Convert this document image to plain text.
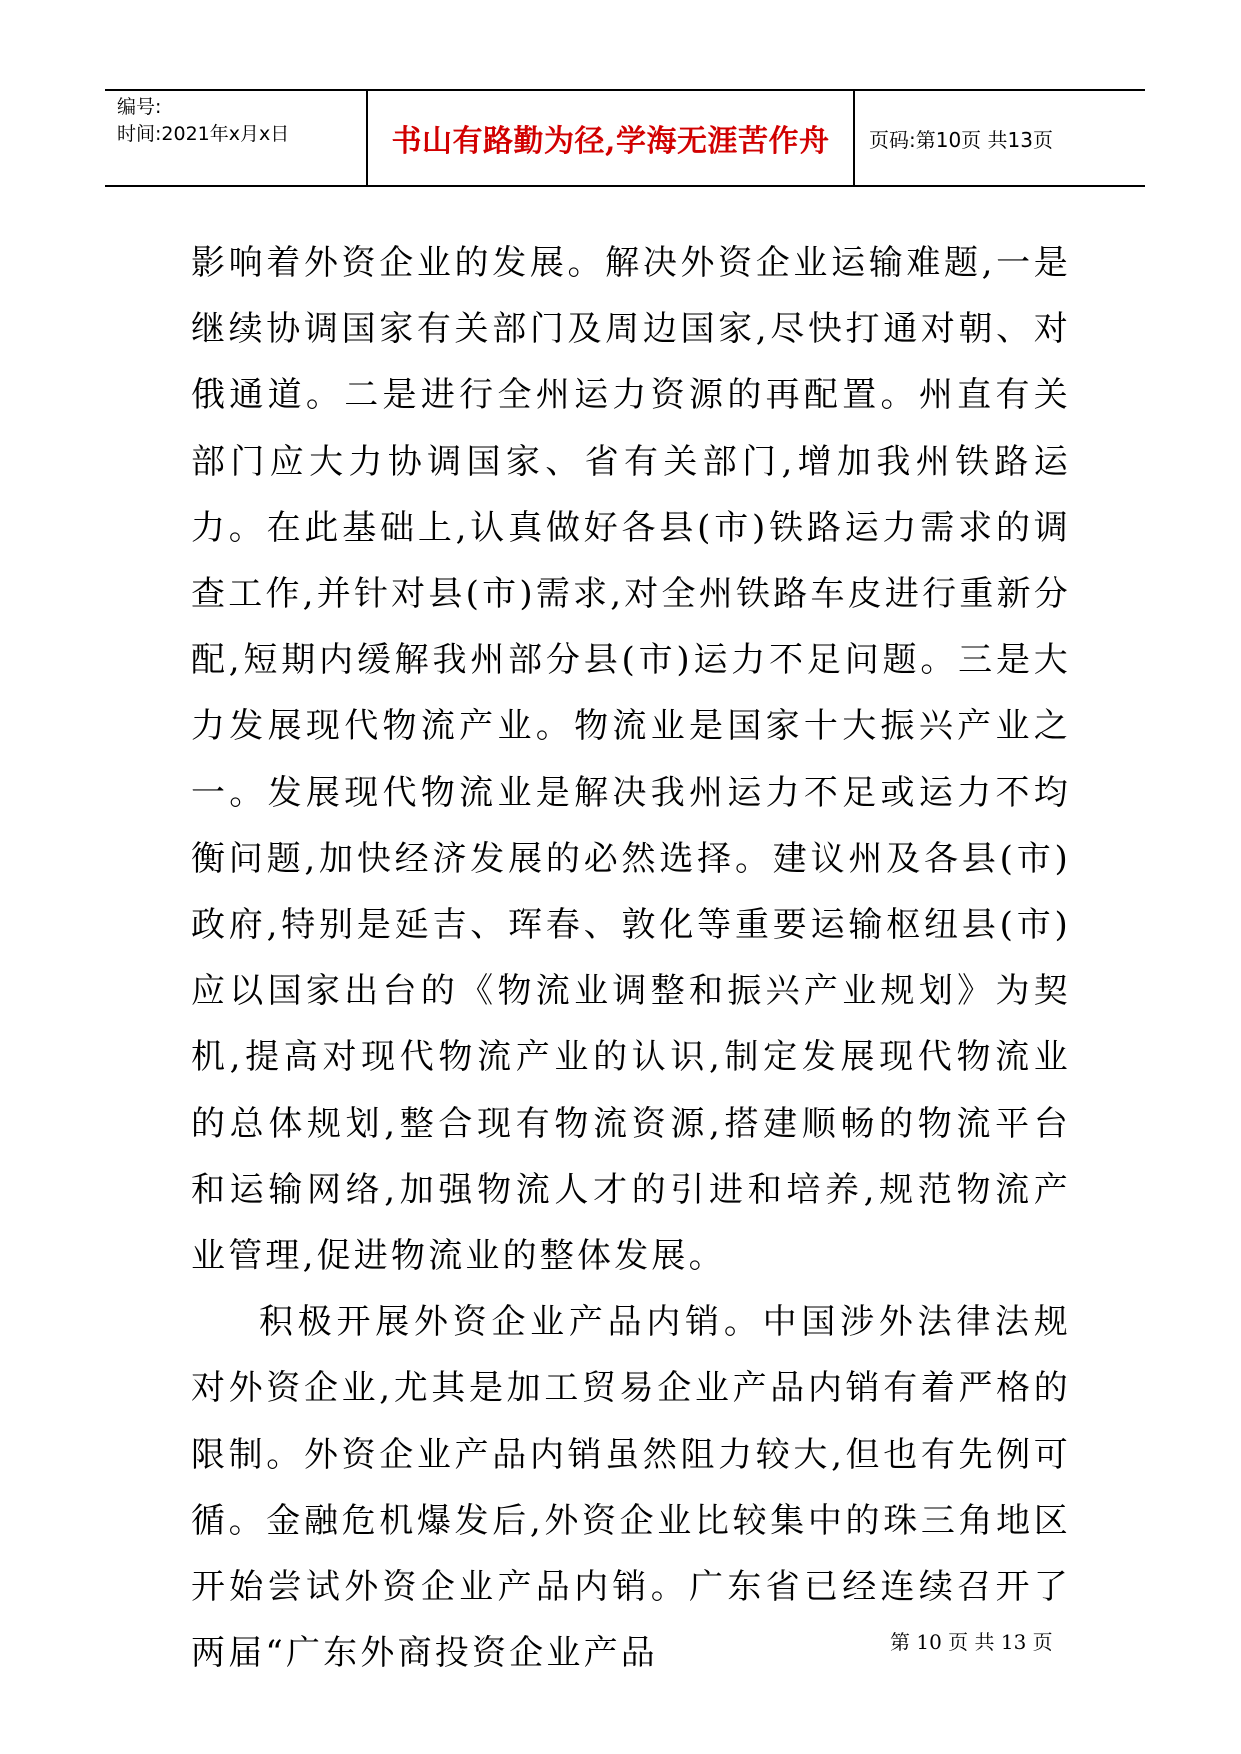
编号:
时间:2021年x月x日	书山有路勤为径,学海无涯苦作舟	页码:第10页 共13页

影响着外资企业的发展。解决外资企业运输难题,一是继续协调国家有关部门及周边国家,尽快打通对朝、对俄通道。二是进行全州运力资源的再配置。州直有关部门应大力协调国家、省有关部门,增加我州铁路运力。在此基础上,认真做好各县(市)铁路运力需求的调查工作,并针对县(市)需求,对全州铁路车皮进行重新分配,短期内缓解我州部分县(市)运力不足问题。三是大力发展现代物流产业。物流业是国家十大振兴产业之一。发展现代物流业是解决我州运力不足或运力不均衡问题,加快经济发展的必然选择。建议州及各县(市)政府,特别是延吉、珲春、敦化等重要运输枢纽县(市)应以国家出台的《物流业调整和振兴产业规划》为契机,提高对现代物流产业的认识,制定发展现代物流业的总体规划,整合现有物流资源,搭建顺畅的物流平台和运输网络,加强物流人才的引进和培养,规范物流产业管理,促进物流业的整体发展。

积极开展外资企业产品内销。中国涉外法律法规对外资企业,尤其是加工贸易企业产品内销有着严格的限制。外资企业产品内销虽然阻力较大,但也有先例可循。金融危机爆发后,外资企业比较集中的珠三角地区开始尝试外资企业产品内销。广东省已经连续召开了两届“广东外商投资企业产品	第 10 页 共 13 页
